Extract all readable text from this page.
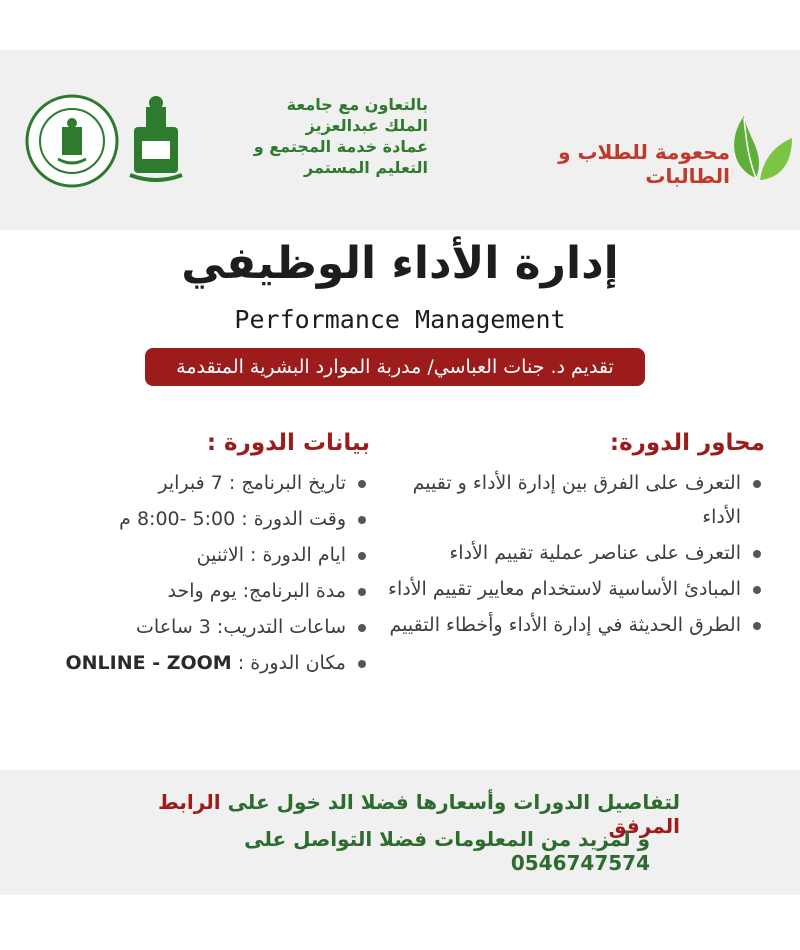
محعومة للطلاب و الطالبات
بالتعاون مع جامعة
الملك عبدالعزيز
عمادة خدمة المجتمع و
التعليم المستمر
إدارة الأداء الوظيفي
Performance Management
تقديم د. جنات العباسي/ مدربة الموارد البشرية المتقدمة
محاور الدورة:
التعرف على الفرق بين إدارة الأداء و تقييم الأداء
التعرف على عناصر عملية تقييم الأداء
المبادئ الأساسية لاستخدام معايير تقييم الأداء
الطرق الحديثة في إدارة الأداء وأخطاء التقييم
بيانات الدورة :
تاريخ البرنامج : 7 فبراير
وقت الدورة : 5:00 -8:00 م
ايام الدورة : الاثنين
مدة البرنامج: يوم واحد
ساعات التدريب: 3 ساعات
مكان الدورة : ONLINE - ZOOM
لتفاصيل الدورات وأسعارها فضلا الد خول على الرابط المرفق
و لمزيد من المعلومات فضلا التواصل على 0546747574
